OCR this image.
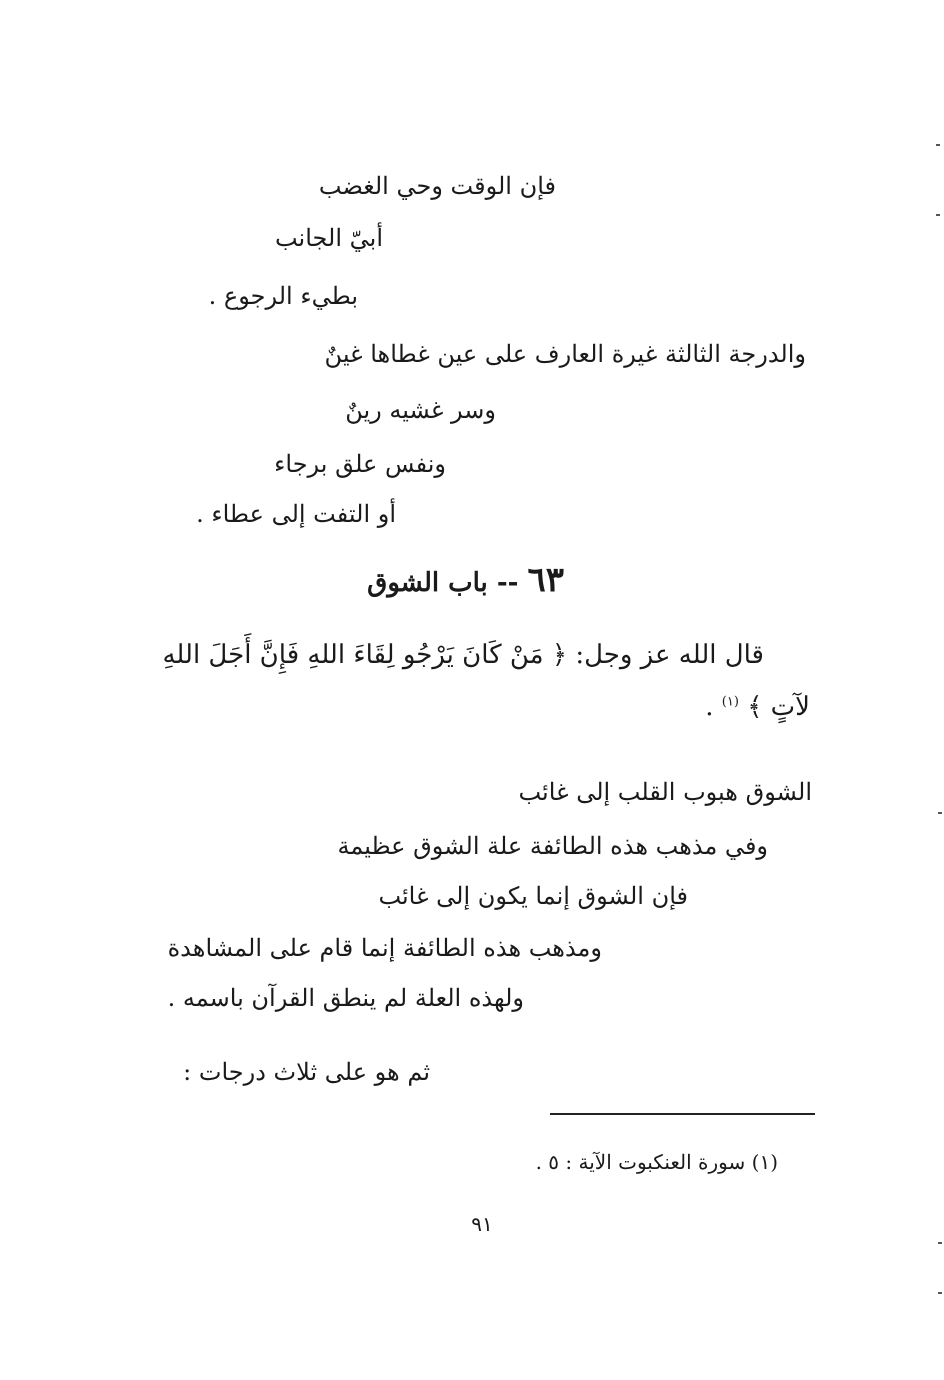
فإن الوقت وحي الغضب
أبيّ الجانب
بطيء الرجوع .
والدرجة الثالثة غيرة العارف على عين غطاها غينٌ
وسر غشيه رينٌ
ونفس علق برجاء
أو التفت إلى عطاء .
٦٣ -- باب الشوق
قال الله عز وجل: ﴿ مَنْ كَانَ يَرْجُو لِقَاءَ اللهِ فَإِنَّ أَجَلَ اللهِ
لآتٍ ﴾ $^{(١)}$ .
الشوق هبوب القلب إلى غائب
وفي مذهب هذه الطائفة علة الشوق عظيمة
فإن الشوق إنما يكون إلى غائب
ومذهب هذه الطائفة إنما قام على المشاهدة
ولهذه العلة لم ينطق القرآن باسمه .
ثم هو على ثلاث درجات :
(١) سورة العنكبوت الآية : ٥ .
٩١
